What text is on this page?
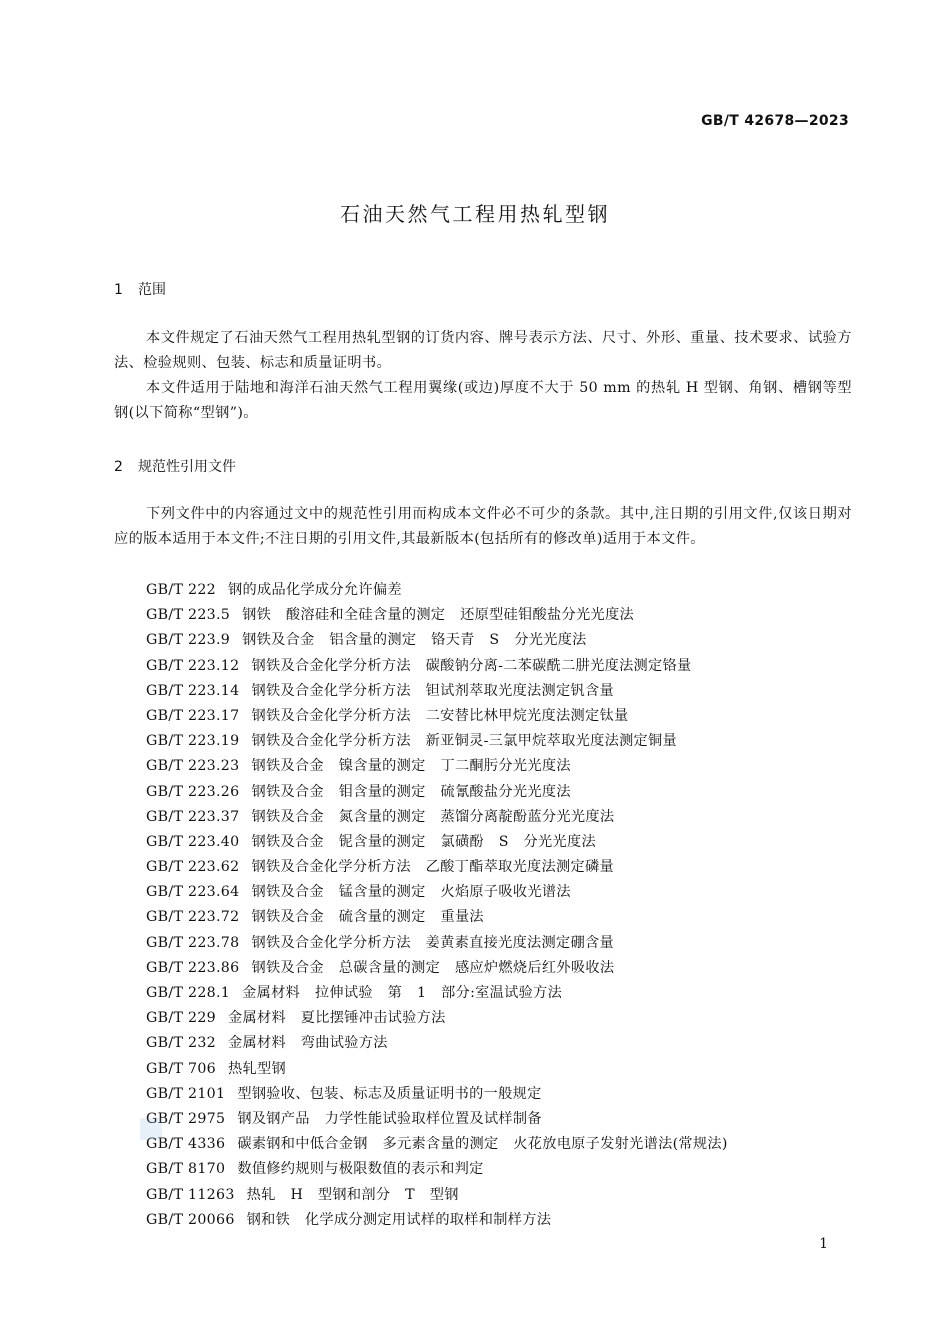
GB/T 42678—2023
石油天然气工程用热轧型钢
1 范围
本文件规定了石油天然气工程用热轧型钢的订货内容、牌号表示方法、尺寸、外形、重量、技术要求、试验方法、检验规则、包装、标志和质量证明书。
本文件适用于陆地和海洋石油天然气工程用翼缘(或边)厚度不大于 50 mm 的热轧 H 型钢、角钢、槽钢等型钢(以下简称“型钢”)。
2 规范性引用文件
下列文件中的内容通过文中的规范性引用而构成本文件必不可少的条款。其中,注日期的引用文件,仅该日期对应的版本适用于本文件;不注日期的引用文件,其最新版本(包括所有的修改单)适用于本文件。
GB/T 222 钢的成品化学成分允许偏差
GB/T 223.5 钢铁 酸溶硅和全硅含量的测定 还原型硅钼酸盐分光光度法
GB/T 223.9 钢铁及合金 铝含量的测定 铬天青 S 分光光度法
GB/T 223.12 钢铁及合金化学分析方法 碳酸钠分离-二苯碳酰二肼光度法测定铬量
GB/T 223.14 钢铁及合金化学分析方法 钽试剂萃取光度法测定钒含量
GB/T 223.17 钢铁及合金化学分析方法 二安替比林甲烷光度法测定钛量
GB/T 223.19 钢铁及合金化学分析方法 新亚铜灵-三氯甲烷萃取光度法测定铜量
GB/T 223.23 钢铁及合金 镍含量的测定 丁二酮肟分光光度法
GB/T 223.26 钢铁及合金 钼含量的测定 硫氰酸盐分光光度法
GB/T 223.37 钢铁及合金 氮含量的测定 蒸馏分离靛酚蓝分光光度法
GB/T 223.40 钢铁及合金 铌含量的测定 氯磺酚 S 分光光度法
GB/T 223.62 钢铁及合金化学分析方法 乙酸丁酯萃取光度法测定磷量
GB/T 223.64 钢铁及合金 锰含量的测定 火焰原子吸收光谱法
GB/T 223.72 钢铁及合金 硫含量的测定 重量法
GB/T 223.78 钢铁及合金化学分析方法 姜黄素直接光度法测定硼含量
GB/T 223.86 钢铁及合金 总碳含量的测定 感应炉燃烧后红外吸收法
GB/T 228.1 金属材料 拉伸试验 第 1 部分:室温试验方法
GB/T 229 金属材料 夏比摆锤冲击试验方法
GB/T 232 金属材料 弯曲试验方法
GB/T 706 热轧型钢
GB/T 2101 型钢验收、包装、标志及质量证明书的一般规定
GB/T 2975 钢及钢产品 力学性能试验取样位置及试样制备
GB/T 4336 碳素钢和中低合金钢 多元素含量的测定 火花放电原子发射光谱法(常规法)
GB/T 8170 数值修约规则与极限数值的表示和判定
GB/T 11263 热轧 H 型钢和剖分 T 型钢
GB/T 20066 钢和铁 化学成分测定用试样的取样和制样方法
1
